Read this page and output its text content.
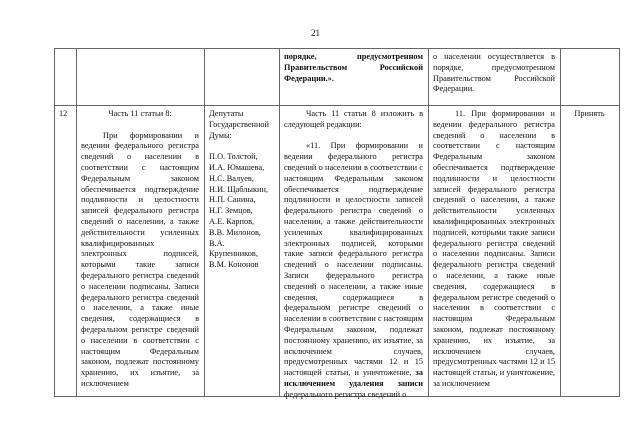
21
			порядке, предусмотренном Правительством Российской Федерации.».	о населении осуществляется в порядке, предусмотренном Правительством Российской Федерации.	
12	Часть 11 статьи 8:

При формировании и ведении федерального регистра сведений о населении в соответствии с настоящим Федеральным законом обеспечивается подтверждение подлинности и целостности записей федерального регистра сведений о населении, а также действительности усиленных квалифицированных электронных подписей, которыми такие записи федерального регистра сведений о населении подписаны. Записи федерального регистра сведений о населении, а также иные сведения, содержащиеся в федеральном регистре сведений о населении в соответствии с настоящим Федеральным законом, подлежат постоянному хранению, их изъятие, за исключением

Депутаты Государственной Думы:

П.О. Толстой,

И.А. Юмашева,

Н.С. Валуев,

Н.И. Щаблыкин,

Н.П. Санина,

Н.Г. Земцов,

А.Е. Карпов,

В.В. Милонов,

В.А. Крупенников,

В.М. Кононов

Часть 11 статьи 8 изложить в следующей редакции:

«11. При формировании и ведении федерального регистра сведений о населении в соответствии с настоящим Федеральным законом обеспечивается подтверждение подлинности и целостности записей федерального регистра сведений о населении, а также действительности усиленных квалифицированных электронных подписей, которыми такие записи федерального регистра сведений о населении подписаны. Записи федерального регистра сведений о населении, а также иные сведения, содержащиеся в федеральном регистре сведений о населении в соответствии с настоящим Федеральным законом, подлежат постоянному хранению, их изъятие, за исключением случаев, предусмотренных частями 12 и 15 настоящей статьи, и уничтожение, за исключением удаления записи федерального регистра сведений о

11. При формировании и ведении федерального регистра сведений о населении в соответствии с настоящим Федеральным законом обеспечивается подтверждение подлинности и целостности записей федерального регистра сведений о населении, а также действительности усиленных квалифицированных электронных подписей, которыми такие записи федерального регистра сведений о населении подписаны. Записи федерального регистра сведений о населении, а также иные сведения, содержащиеся в федеральном регистре сведений о населении в соответствии с настоящим Федеральным законом, подлежат постоянному хранению, их изъятие, за исключением случаев, предусмотренных частями 12 и 15 настоящей статьи, и уничтожение, за исключением

	Принять
